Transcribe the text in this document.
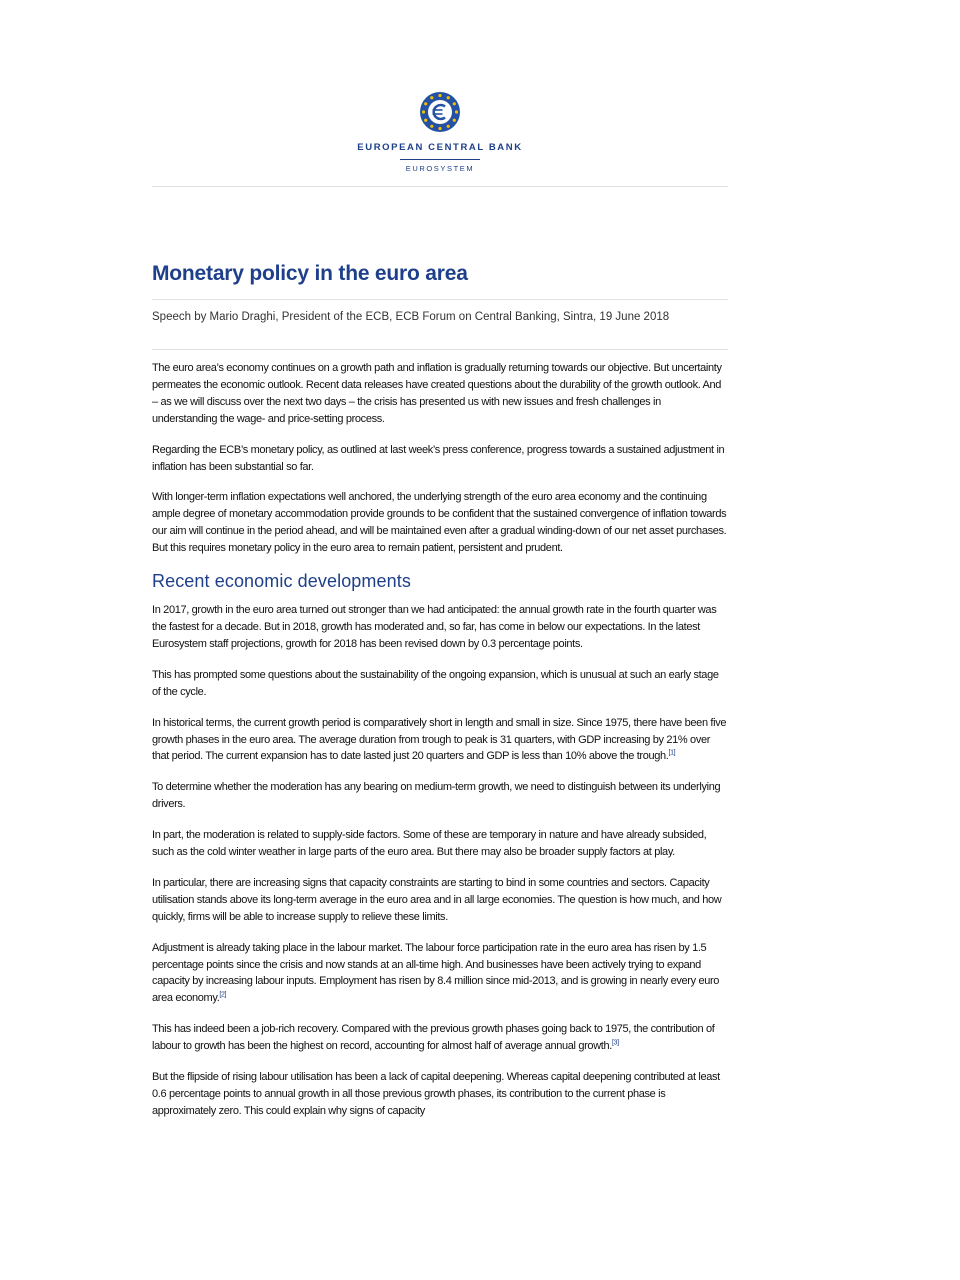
EUROPEAN CENTRAL BANK
EUROSYSTEM
Monetary policy in the euro area

Speech by Mario Draghi, President of the ECB, ECB Forum on Central Banking, Sintra, 19 June 2018

The euro area’s economy continues on a growth path and inflation is gradually returning towards our objective. But uncertainty permeates the economic outlook. Recent data releases have created questions about the durability of the growth outlook. And – as we will discuss over the next two days – the crisis has presented us with new issues and fresh challenges in understanding the wage- and price-setting process.

Regarding the ECB’s monetary policy, as outlined at last week’s press conference, progress towards a sustained adjustment in inflation has been substantial so far.

With longer-term inflation expectations well anchored, the underlying strength of the euro area economy and the continuing ample degree of monetary accommodation provide grounds to be confident that the sustained convergence of inflation towards our aim will continue in the period ahead, and will be maintained even after a gradual winding-down of our net asset purchases. But this requires monetary policy in the euro area to remain patient, persistent and prudent.

Recent economic developments

In 2017, growth in the euro area turned out stronger than we had anticipated: the annual growth rate in the fourth quarter was the fastest for a decade. But in 2018, growth has moderated and, so far, has come in below our expectations. In the latest Eurosystem staff projections, growth for 2018 has been revised down by 0.3 percentage points.

This has prompted some questions about the sustainability of the ongoing expansion, which is unusual at such an early stage of the cycle.

In historical terms, the current growth period is comparatively short in length and small in size. Since 1975, there have been five growth phases in the euro area. The average duration from trough to peak is 31 quarters, with GDP increasing by 21% over that period. The current expansion has to date lasted just 20 quarters and GDP is less than 10% above the trough.[1]

To determine whether the moderation has any bearing on medium-term growth, we need to distinguish between its underlying drivers.

In part, the moderation is related to supply-side factors. Some of these are temporary in nature and have already subsided, such as the cold winter weather in large parts of the euro area. But there may also be broader supply factors at play.

In particular, there are increasing signs that capacity constraints are starting to bind in some countries and sectors. Capacity utilisation stands above its long-term average in the euro area and in all large economies. The question is how much, and how quickly, firms will be able to increase supply to relieve these limits.

Adjustment is already taking place in the labour market. The labour force participation rate in the euro area has risen by 1.5 percentage points since the crisis and now stands at an all-time high. And businesses have been actively trying to expand capacity by increasing labour inputs. Employment has risen by 8.4 million since mid-2013, and is growing in nearly every euro area economy.[2]

This has indeed been a job-rich recovery. Compared with the previous growth phases going back to 1975, the contribution of labour to growth has been the highest on record, accounting for almost half of average annual growth.[3]

But the flipside of rising labour utilisation has been a lack of capital deepening. Whereas capital deepening contributed at least 0.6 percentage points to annual growth in all those previous growth phases, its contribution to the current phase is approximately zero. This could explain why signs of capacity
